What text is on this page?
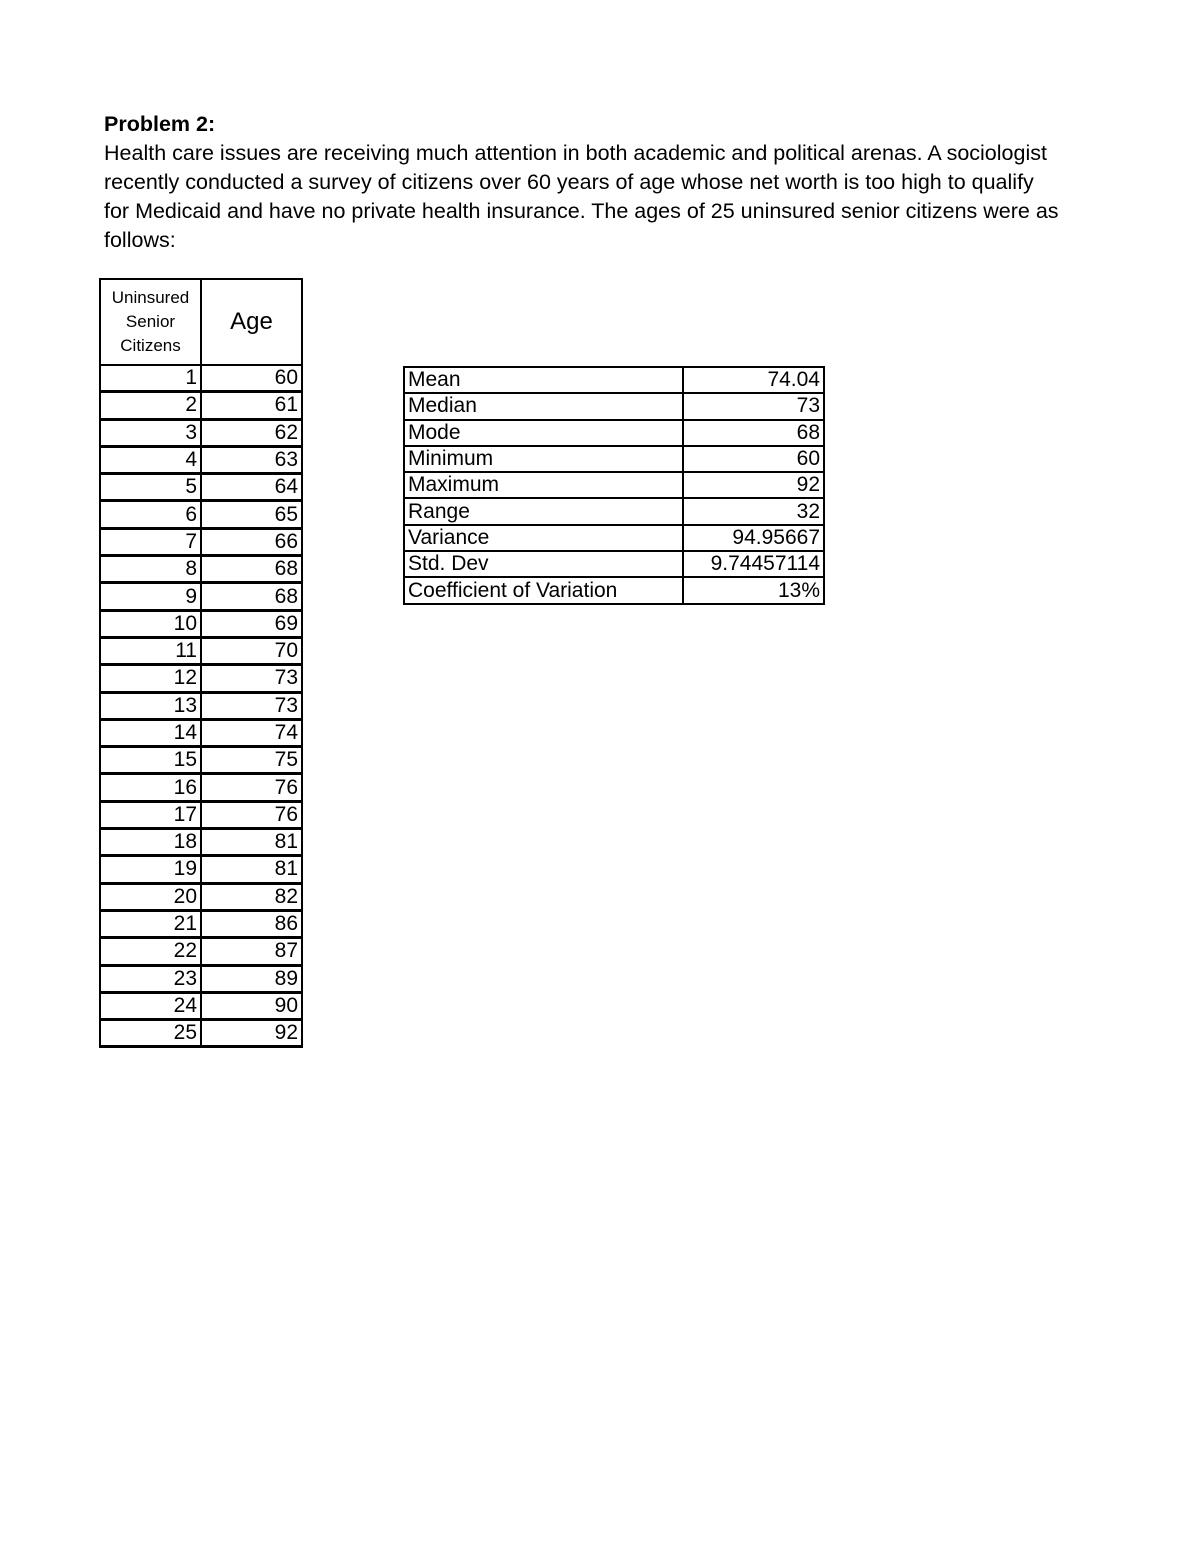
Problem 2:
Health care issues are receiving much attention in both academic and political arenas. A sociologist recently conducted a survey of citizens over 60 years of age whose net worth is too high to qualify for Medicaid and have no private health insurance. The ages of 25 uninsured senior citizens were as follows:
Uninsured Senior Citizens	Age
1	60
2	61
3	62
4	63
5	64
6	65
7	66
8	68
9	68
10	69
11	70
12	73
13	73
14	74
15	75
16	76
17	76
18	81
19	81
20	82
21	86
22	87
23	89
24	90
25	92
Mean	74.04
Median	73
Mode	68
Minimum	60
Maximum	92
Range	32
Variance	94.95667
Std. Dev	9.74457114
Coefficient of Variation	13%
